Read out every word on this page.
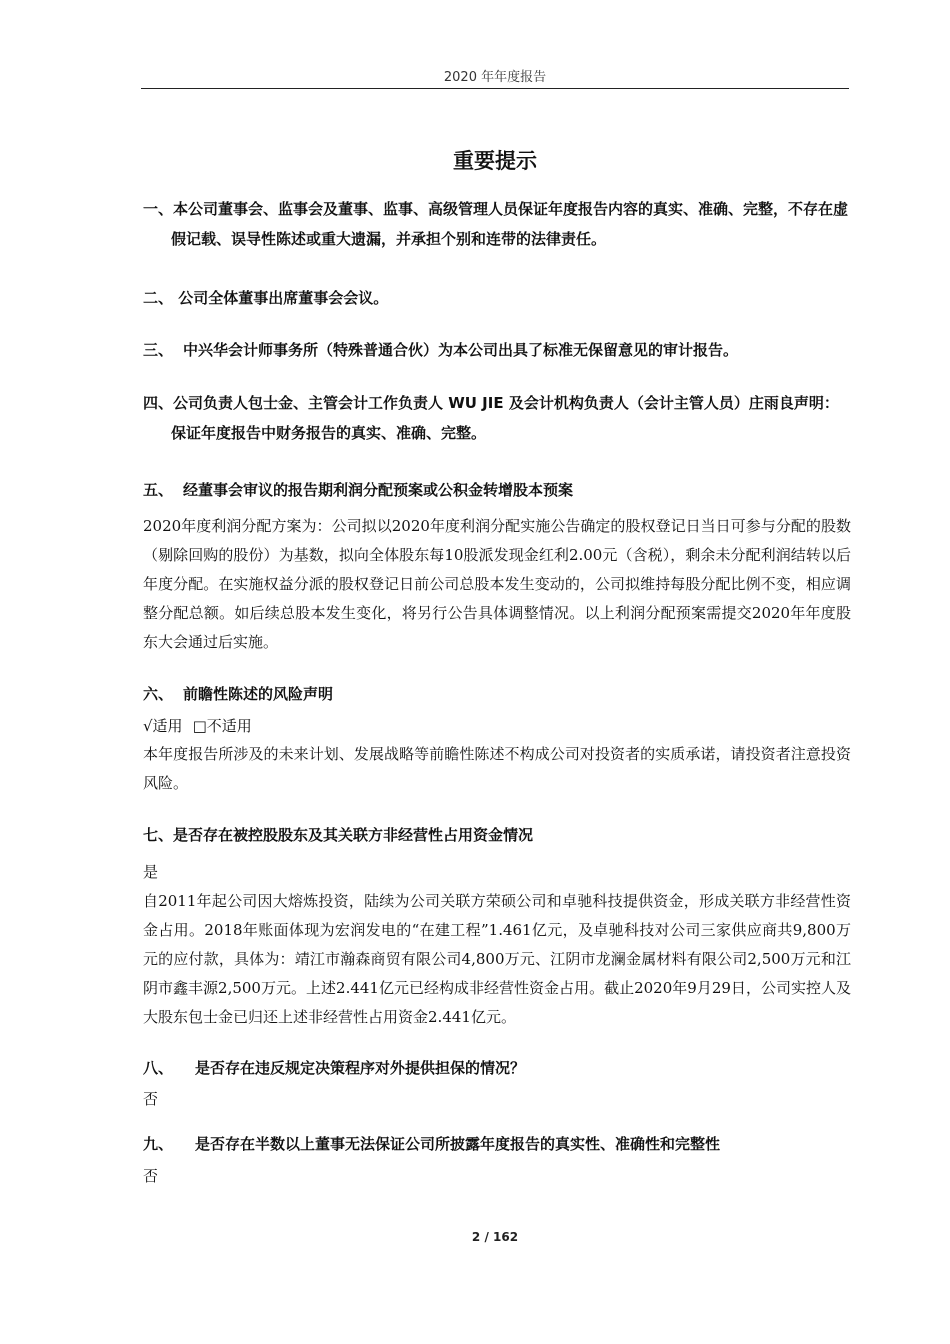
2020 年年度报告
重要提示

一、本公司董事会、监事会及董事、监事、高级管理人员保证年度报告内容的真实、准确、完整，不存在虚假记载、误导性陈述或重大遗漏，并承担个别和连带的法律责任。

二、 公司全体董事出席董事会会议。

三、 中兴华会计师事务所（特殊普通合伙）为本公司出具了标准无保留意见的审计报告。

四、公司负责人包士金、主管会计工作负责人 WU JIE 及会计机构负责人（会计主管人员）庄雨良声明：保证年度报告中财务报告的真实、准确、完整。

五、 经董事会审议的报告期利润分配预案或公积金转增股本预案

2020年度利润分配方案为：公司拟以2020年度利润分配实施公告确定的股权登记日当日可参与分配的股数（剔除回购的股份）为基数，拟向全体股东每10股派发现金红利2.00元（含税），剩余未分配利润结转以后年度分配。在实施权益分派的股权登记日前公司总股本发生变动的，公司拟维持每股分配比例不变，相应调整分配总额。如后续总股本发生变化，将另行公告具体调整情况。以上利润分配预案需提交2020年年度股东大会通过后实施。

六、 前瞻性陈述的风险声明

√适用 □不适用

本年度报告所涉及的未来计划、发展战略等前瞻性陈述不构成公司对投资者的实质承诺，请投资者注意投资风险。

七、是否存在被控股股东及其关联方非经营性占用资金情况

是

自2011年起公司因大熔炼投资，陆续为公司关联方荣硕公司和卓驰科技提供资金，形成关联方非经营性资金占用。2018年账面体现为宏润发电的“在建工程”1.461亿元，及卓驰科技对公司三家供应商共9,800万元的应付款，具体为：靖江市瀚森商贸有限公司4,800万元、江阴市龙澜金属材料有限公司2,500万元和江阴市鑫丰源2,500万元。上述2.441亿元已经构成非经营性资金占用。截止2020年9月29日，公司实控人及大股东包士金已归还上述非经营性占用资金2.441亿元。

八、 是否存在违反规定决策程序对外提供担保的情况？

否

九、 是否存在半数以上董事无法保证公司所披露年度报告的真实性、准确性和完整性

否

2 / 162
